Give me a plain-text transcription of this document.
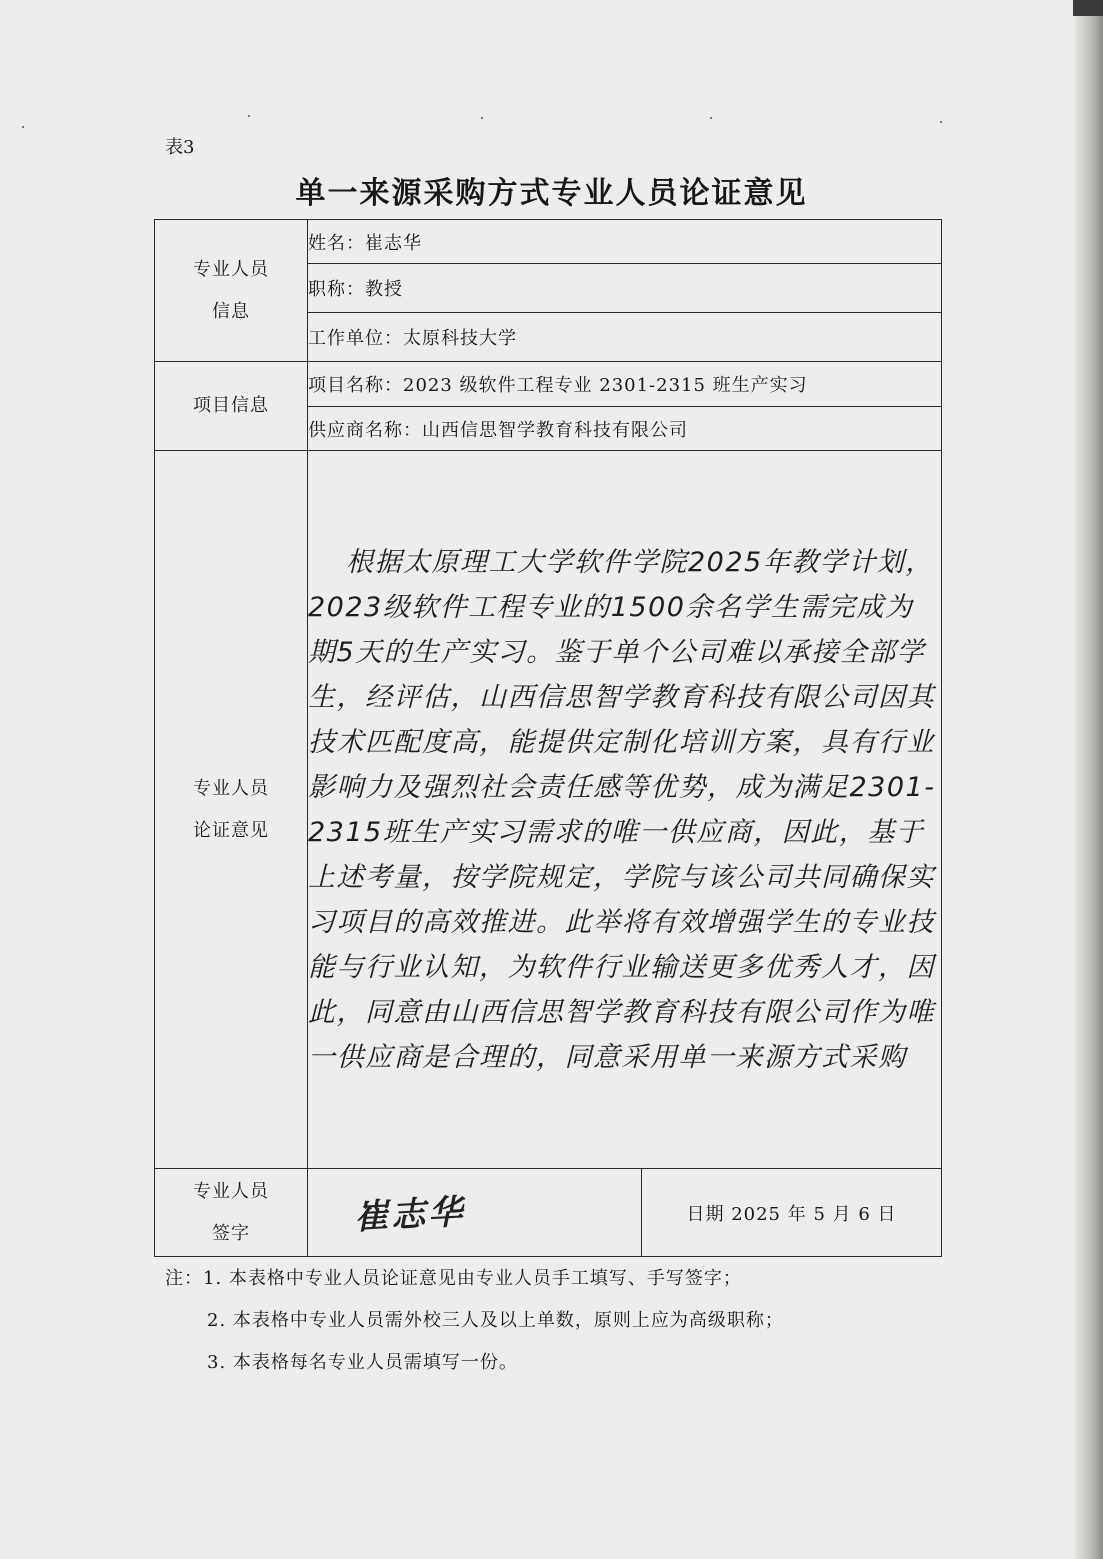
表3
单一来源采购方式专业人员论证意见
专业人员
信息	姓名：崔志华	
	职称：教授	
	工作单位：太原科技大学	
项目信息	项目名称：2023 级软件工程专业 2301-2315 班生产实习	
	供应商名称：山西信思智学教育科技有限公司	

专业人员
论证意见	根据太原理工大学软件学院2025年教学计划，2023级软件工程专业的1500余名学生需完成为期5天的生产实习。鉴于单个公司难以承接全部学生，经评估，山西信思智学教育科技有限公司因其技术匹配度高，能提供定制化培训方案，具有行业影响力及强烈社会责任感等优势，成为满足2301-2315班生产实习需求的唯一供应商，因此，基于上述考量，按学院规定，学院与该公司共同确保实习项目的高效推进。此举将有效增强学生的专业技能与行业认知，为软件行业输送更多优秀人才，因此，同意由山西信思智学教育科技有限公司作为唯一供应商是合理的，同意采用单一来源方式采购	

专业人员
签字	崔志华	日期 2025 年 5 月 6 日
注：1. 本表格中专业人员论证意见由专业人员手工填写、手写签字；
2. 本表格中专业人员需外校三人及以上单数，原则上应为高级职称；
3. 本表格每名专业人员需填写一份。
